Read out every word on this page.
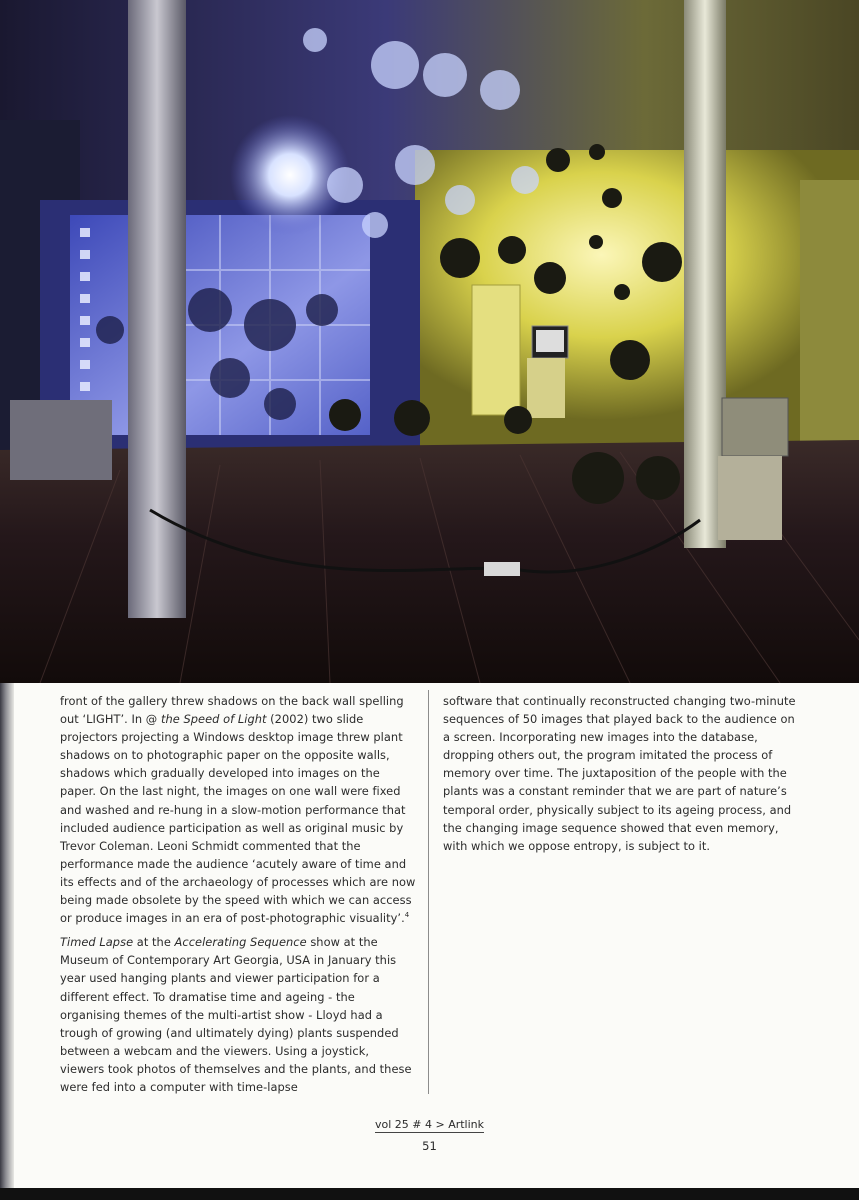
front of the gallery threw shadows on the back wall spelling out ‘LIGHT’. In @ the Speed of Light (2002) two slide projectors projecting a Windows desktop image threw plant shadows on to photographic paper on the opposite walls, shadows which gradually developed into images on the paper. On the last night, the images on one wall were fixed and washed and re-hung in a slow-motion performance that included audience participation as well as original music by Trevor Coleman. Leoni Schmidt commented that the performance made the audience ‘acutely aware of time and its effects and of the archaeology of processes which are now being made obsolete by the speed with which we can access or produce images in an era of post-photographic visuality’.$^4$

Timed Lapse at the Accelerating Sequence show at the Museum of Contemporary Art Georgia, USA in January this year used hanging plants and viewer participation for a different effect. To dramatise time and ageing - the organising themes of the multi-artist show - Lloyd had a trough of growing (and ultimately dying) plants suspended between a webcam and the viewers. Using a joystick, viewers took photos of themselves and the plants, and these were fed into a computer with time-lapse

software that continually reconstructed changing two-minute sequences of 50 images that played back to the audience on a screen. Incorporating new images into the database, dropping others out, the program imitated the process of memory over time. The juxtaposition of the people with the plants was a constant reminder that we are part of nature’s temporal order, physically subject to its ageing process, and the changing image sequence showed that even memory, with which we oppose entropy, is subject to it.

vol 25 # 4 > Artlink
51
